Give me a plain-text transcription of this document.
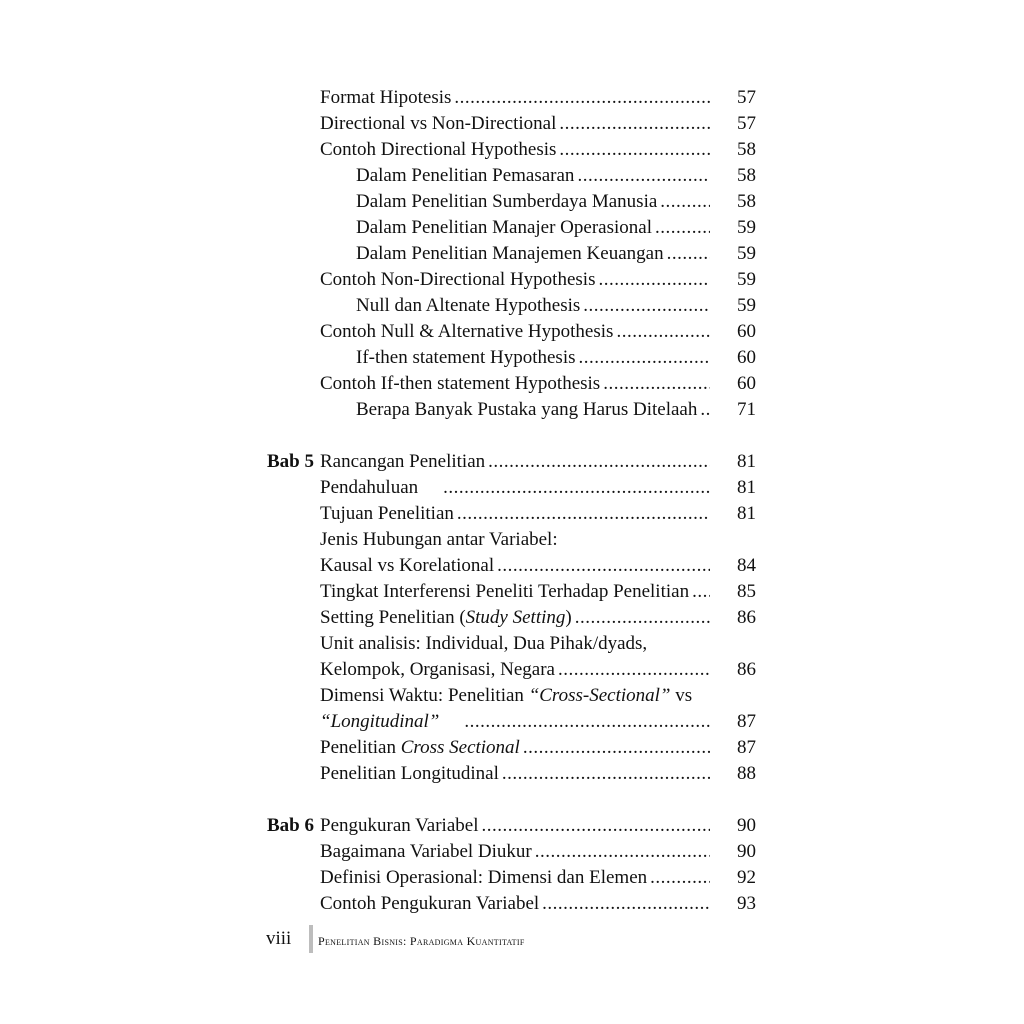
Format Hipotesis .....	57
Directional vs Non-Directional .....	57
Contoh Directional Hypothesis .....	58
Dalam Penelitian Pemasaran .....	58
Dalam Penelitian Sumberdaya Manusia .....	58
Dalam Penelitian Manajer Operasional .....	59
Dalam Penelitian Manajemen Keuangan .....	59
Contoh Non-Directional Hypothesis .....	59
Null dan Altenate Hypothesis .....	59
Contoh Null & Alternative Hypothesis .....	60
If-then statement Hypothesis .....	60
Contoh If-then statement Hypothesis .....	60
Berapa Banyak Pustaka yang Harus Ditelaah .....	71
Bab 5 Rancangan Penelitian .....	81
Pendahuluan .....	81
Tujuan Penelitian .....	81
Jenis Hubungan antar Variabel:
Kausal vs Korelational .....	84
Tingkat Interferensi Peneliti Terhadap Penelitian .....	85
Setting Penelitian (Study Setting) .....	86
Unit analisis: Individual, Dua Pihak/dyads,
Kelompok, Organisasi, Negara .....	86
Dimensi Waktu: Penelitian “Cross-Sectional” vs
“Longitudinal” .....	87
Penelitian Cross Sectional .....	87
Penelitian Longitudinal .....	88
Bab 6 Pengukuran Variabel .....	90
Bagaimana Variabel Diukur .....	90
Definisi Operasional: Dimensi dan Elemen .....	92
Contoh Pengukuran Variabel .....	93
viii Penelitian Bisnis: Paradigma Kuantitatif
